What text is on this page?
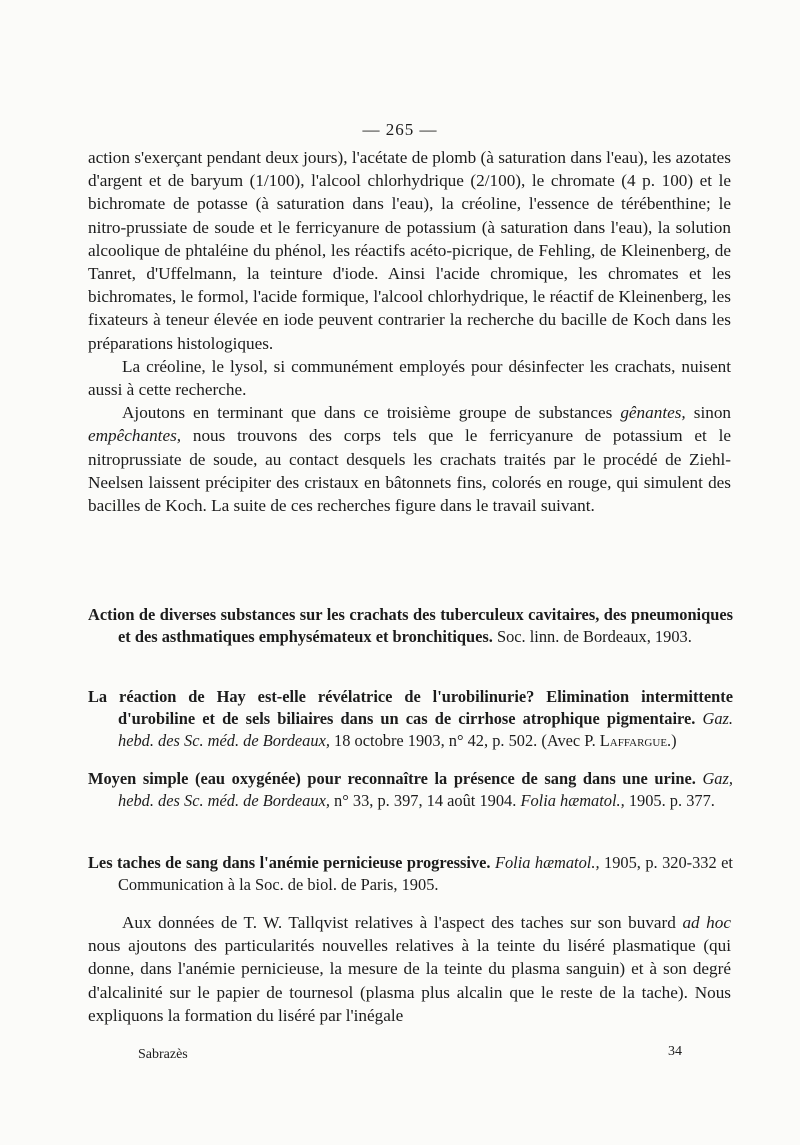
— 265 —

action s'exerçant pendant deux jours), l'acétate de plomb (à saturation dans l'eau), les azotates d'argent et de baryum (1/100), l'alcool chlorhydrique (2/100), le chromate (4 p. 100) et le bichromate de potasse (à saturation dans l'eau), la créoline, l'essence de térébenthine; le nitro-prussiate de soude et le ferricyanure de potassium (à saturation dans l'eau), la solution alcoolique de phtaléine du phénol, les réactifs acéto-picrique, de Fehling, de Kleinenberg, de Tanret, d'Uffelmann, la teinture d'iode. Ainsi l'acide chromique, les chromates et les bichromates, le formol, l'acide formique, l'alcool chlorhydrique, le réactif de Kleinenberg, les fixateurs à teneur élevée en iode peuvent contrarier la recherche du bacille de Koch dans les préparations histologiques.

La créoline, le lysol, si communément employés pour désinfecter les crachats, nuisent aussi à cette recherche.

Ajoutons en terminant que dans ce troisième groupe de substances gênantes, sinon empêchantes, nous trouvons des corps tels que le ferricyanure de potassium et le nitroprussiate de soude, au contact desquels les crachats traités par le procédé de Ziehl-Neelsen laissent précipiter des cristaux en bâtonnets fins, colorés en rouge, qui simulent des bacilles de Koch. La suite de ces recherches figure dans le travail suivant.

Action de diverses substances sur les crachats des tuberculeux cavitaires, des pneumoniques et des asthmatiques emphysémateux et bronchitiques. Soc. linn. de Bordeaux, 1903.
La réaction de Hay est-elle révélatrice de l'urobilinurie? Elimination intermittente d'urobiline et de sels biliaires dans un cas de cirrhose atrophique pigmentaire. Gaz. hebd. des Sc. méd. de Bordeaux, 18 octobre 1903, n° 42, p. 502. (Avec P. Laffargue.)
Moyen simple (eau oxygénée) pour reconnaître la présence de sang dans une urine. Gaz, hebd. des Sc. méd. de Bordeaux, n° 33, p. 397, 14 août 1904. Folia hæmatol., 1905. p. 377.
Les taches de sang dans l'anémie pernicieuse progressive. Folia hæmatol., 1905, p. 320-332 et Communication à la Soc. de biol. de Paris, 1905.

Aux données de T. W. Tallqvist relatives à l'aspect des taches sur son buvard ad hoc nous ajoutons des particularités nouvelles relatives à la teinte du liséré plasmatique (qui donne, dans l'anémie pernicieuse, la mesure de la teinte du plasma sanguin) et à son degré d'alcalinité sur le papier de tournesol (plasma plus alcalin que le reste de la tache). Nous expliquons la formation du liséré par l'inégale

Sabrazès	34
